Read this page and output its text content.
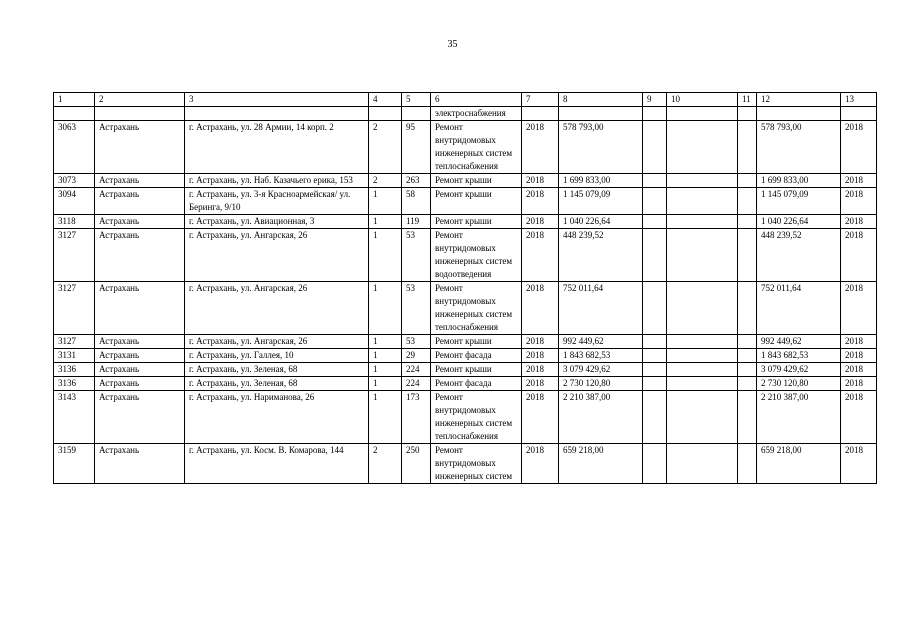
35
1	2	3	4	5	6	7	8	9	10	11	12	13
					электроснабжения							
3063	Астрахань	г. Астрахань, ул. 28 Армии, 14 корп. 2	2	95	Ремонт внутридомовых инженерных систем теплоснабжения	2018	578 793,00				578 793,00	2018
3073	Астрахань	г. Астрахань, ул. Наб. Казачьего ерика, 153	2	263	Ремонт крыши	2018	1 699 833,00				1 699 833,00	2018
3094	Астрахань	г. Астрахань, ул. 3-я Красноармейская/ ул. Беринга, 9/10	1	58	Ремонт крыши	2018	1 145 079,09				1 145 079,09	2018
3118	Астрахань	г. Астрахань, ул. Авиационная, 3	1	119	Ремонт крыши	2018	1 040 226,64				1 040 226,64	2018
3127	Астрахань	г. Астрахань, ул. Ангарская, 26	1	53	Ремонт внутридомовых инженерных систем водоотведения	2018	448 239,52				448 239,52	2018
3127	Астрахань	г. Астрахань, ул. Ангарская, 26	1	53	Ремонт внутридомовых инженерных систем теплоснабжения	2018	752 011,64				752 011,64	2018
3127	Астрахань	г. Астрахань, ул. Ангарская, 26	1	53	Ремонт крыши	2018	992 449,62				992 449,62	2018
3131	Астрахань	г. Астрахань, ул. Галлея, 10	1	29	Ремонт фасада	2018	1 843 682,53				1 843 682,53	2018
3136	Астрахань	г. Астрахань, ул. Зеленая, 68	1	224	Ремонт крыши	2018	3 079 429,62				3 079 429,62	2018
3136	Астрахань	г. Астрахань, ул. Зеленая, 68	1	224	Ремонт фасада	2018	2 730 120,80				2 730 120,80	2018
3143	Астрахань	г. Астрахань, ул. Нариманова, 26	1	173	Ремонт внутридомовых инженерных систем теплоснабжения	2018	2 210 387,00				2 210 387,00	2018
3159	Астрахань	г. Астрахань, ул. Косм. В. Комарова, 144	2	250	Ремонт внутридомовых инженерных систем	2018	659 218,00				659 218,00	2018
